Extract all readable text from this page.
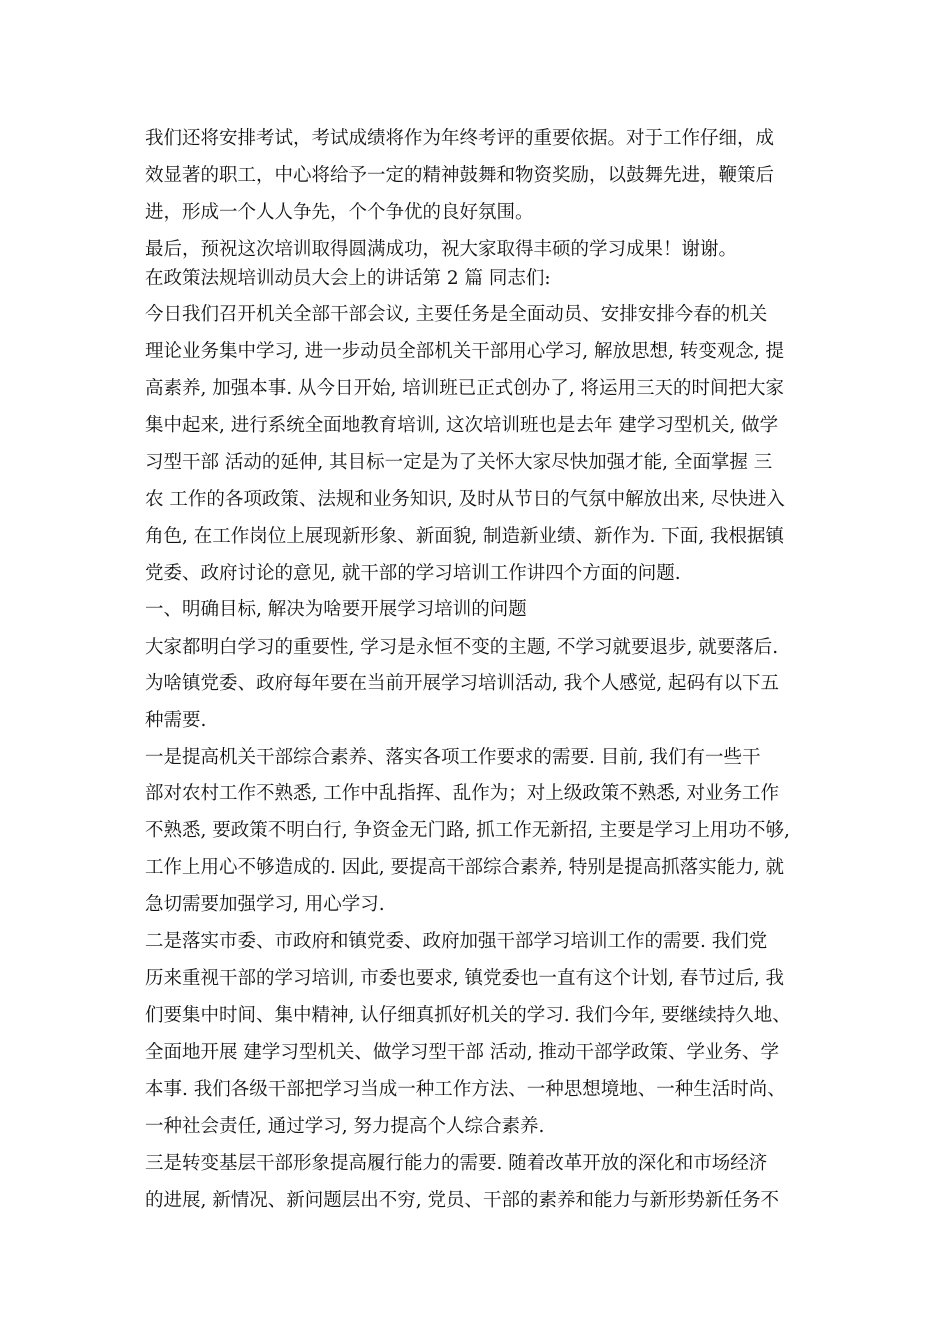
我们还将安排考试，考试成绩将作为年终考评的重要依据。对于工作仔细，成
效显著的职工，中心将给予一定的精神鼓舞和物资奖励，以鼓舞先进，鞭策后
进，形成一个人人争先，个个争优的良好氛围。
最后，预祝这次培训取得圆满成功，祝大家取得丰硕的学习成果！谢谢。
在政策法规培训动员大会上的讲话第 2 篇 同志们:
今日我们召开机关全部干部会议, 主要任务是全面动员、安排安排今春的机关
理论业务集中学习, 进一步动员全部机关干部用心学习, 解放思想, 转变观念, 提
高素养, 加强本事. 从今日开始, 培训班已正式创办了, 将运用三天的时间把大家
集中起来, 进行系统全面地教育培训, 这次培训班也是去年 建学习型机关, 做学
习型干部 活动的延伸, 其目标一定是为了关怀大家尽快加强才能, 全面掌握 三
农 工作的各项政策、法规和业务知识, 及时从节日的气氛中解放出来, 尽快进入
角色, 在工作岗位上展现新形象、新面貌, 制造新业绩、新作为. 下面, 我根据镇
党委、政府讨论的意见, 就干部的学习培训工作讲四个方面的问题.
一、明确目标, 解决为啥要开展学习培训的问题
大家都明白学习的重要性, 学习是永恒不变的主题, 不学习就要退步, 就要落后.
为啥镇党委、政府每年要在当前开展学习培训活动, 我个人感觉, 起码有以下五
种需要.
一是提高机关干部综合素养、落实各项工作要求的需要. 目前, 我们有一些干
部对农村工作不熟悉, 工作中乱指挥、乱作为；对上级政策不熟悉, 对业务工作
不熟悉, 要政策不明白行, 争资金无门路, 抓工作无新招, 主要是学习上用功不够,
工作上用心不够造成的. 因此, 要提高干部综合素养, 特别是提高抓落实能力, 就
急切需要加强学习, 用心学习.
二是落实市委、市政府和镇党委、政府加强干部学习培训工作的需要. 我们党
历来重视干部的学习培训, 市委也要求, 镇党委也一直有这个计划, 春节过后, 我
们要集中时间、集中精神, 认仔细真抓好机关的学习. 我们今年, 要继续持久地、
全面地开展 建学习型机关、做学习型干部 活动, 推动干部学政策、学业务、学
本事. 我们各级干部把学习当成一种工作方法、一种思想境地、一种生活时尚、
一种社会责任, 通过学习, 努力提高个人综合素养.
三是转变基层干部形象提高履行能力的需要. 随着改革开放的深化和市场经济
的进展, 新情况、新问题层出不穷, 党员、干部的素养和能力与新形势新任务不
